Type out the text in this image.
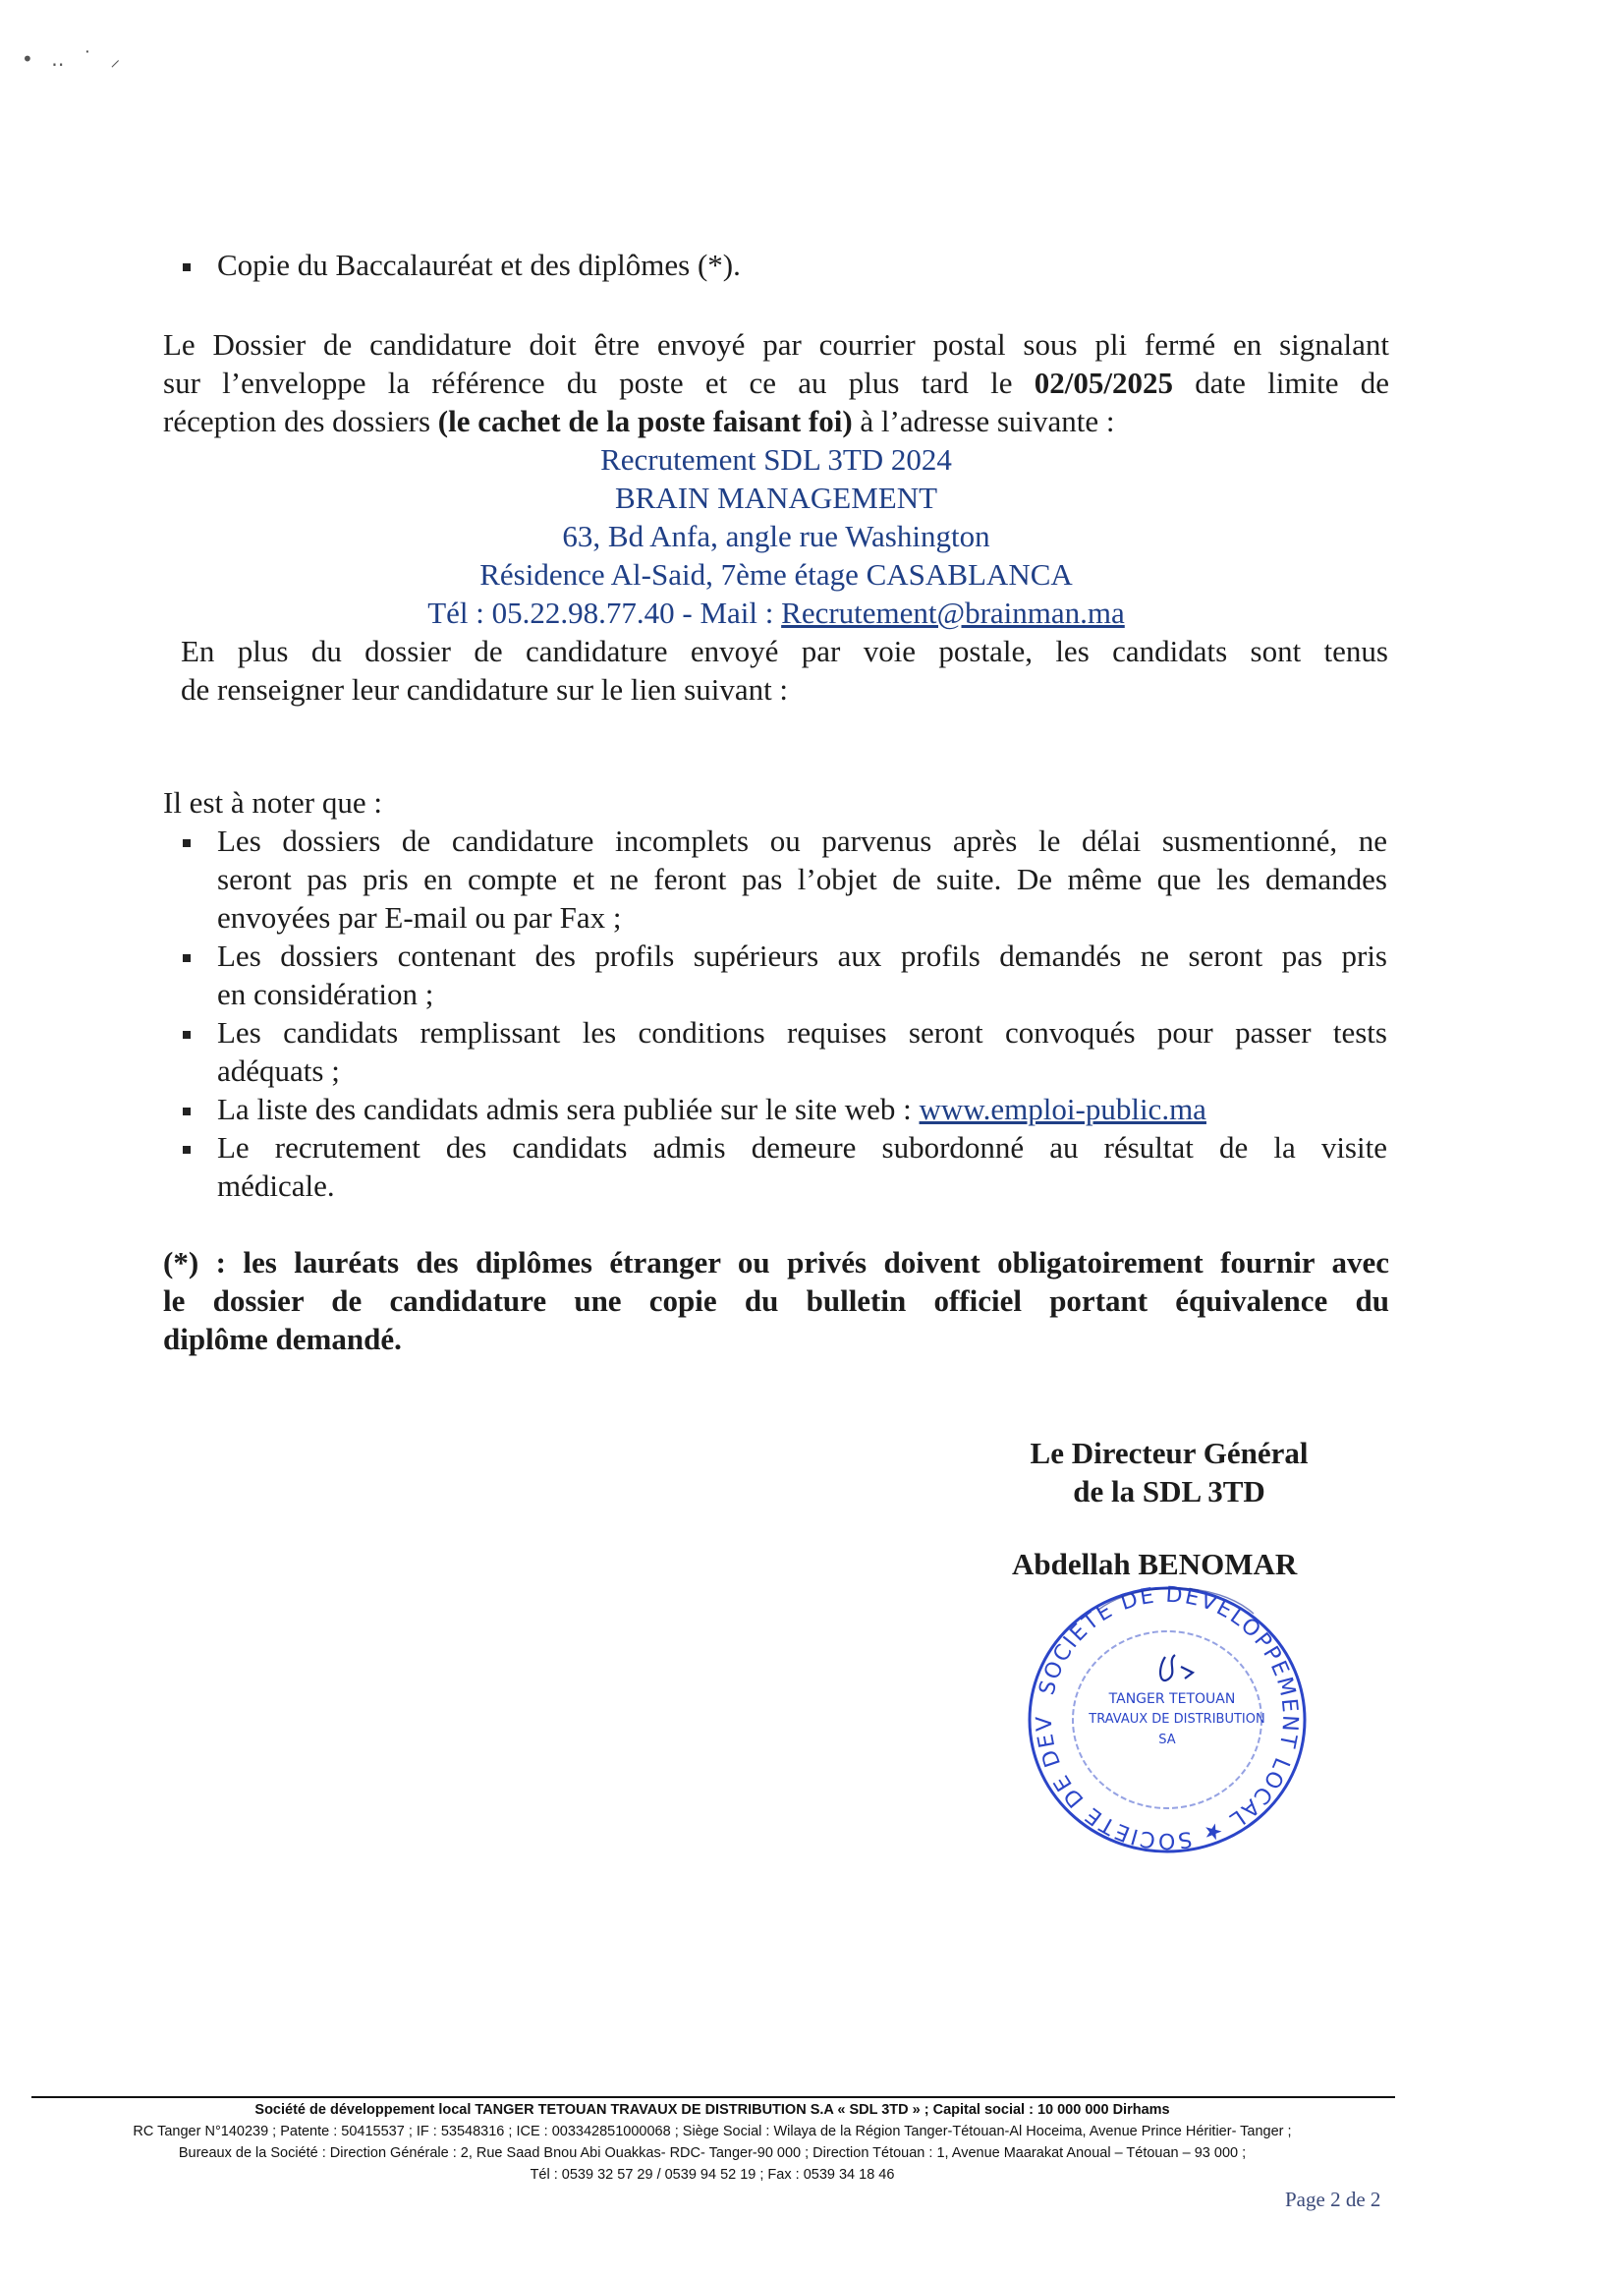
• ‥ ˙ ⸝
Copie du Baccalauréat et des diplômes (*).
Le Dossier de candidature doit être envoyé par courrier postal sous pli fermé en signalant
sur l’enveloppe la référence du poste et ce au plus tard le 02/05/2025 date limite de
réception des dossiers (le cachet de la poste faisant foi) à l’adresse suivante :
Recrutement SDL 3TD 2024
BRAIN MANAGEMENT
63, Bd Anfa, angle rue Washington
Résidence Al-Said, 7ème étage CASABLANCA
Tél : 05.22.98.77.40 - Mail : Recrutement@brainman.ma
En plus du dossier de candidature envoyé par voie postale, les candidats sont tenus
de renseigner leur candidature sur le lien suivant :
Il est à noter que :
Les dossiers de candidature incomplets ou parvenus après le délai susmentionné, ne
seront pas pris en compte et ne feront pas l’objet de suite. De même que les demandes
envoyées par E-mail ou par Fax ;
Les dossiers contenant des profils supérieurs aux profils demandés ne seront pas pris
en considération ;
Les candidats remplissant les conditions requises seront convoqués pour passer tests
adéquats ;
La liste des candidats admis sera publiée sur le site web : www.emploi-public.ma
Le recrutement des candidats admis demeure subordonné au résultat de la visite
médicale.
(*) : les lauréats des diplômes étranger ou privés doivent obligatoirement fournir avec
le dossier de candidature une copie du bulletin officiel portant équivalence du
diplôme demandé.
Le Directeur Général
de la SDL 3TD
Abdellah BENOMAR
SOCIETE DE DEVELOPPEMENT LOCAL ★ SOCIETE DE DEV
TANGER TETOUAN
TRAVAUX DE DISTRIBUTION
SA
Société de développement local TANGER TETOUAN TRAVAUX DE DISTRIBUTION S.A « SDL 3TD » ; Capital social : 10 000 000 Dirhams
RC Tanger N°140239 ; Patente : 50415537 ; IF : 53548316 ; ICE : 003342851000068 ; Siège Social : Wilaya de la Région Tanger-Tétouan-Al Hoceima, Avenue Prince Héritier- Tanger ;
Bureaux de la Société : Direction Générale : 2, Rue Saad Bnou Abi Ouakkas- RDC- Tanger-90 000 ; Direction Tétouan : 1, Avenue Maarakat Anoual – Tétouan – 93 000 ;
Tél : 0539 32 57 29 / 0539 94 52 19 ; Fax : 0539 34 18 46
Page 2 de 2
